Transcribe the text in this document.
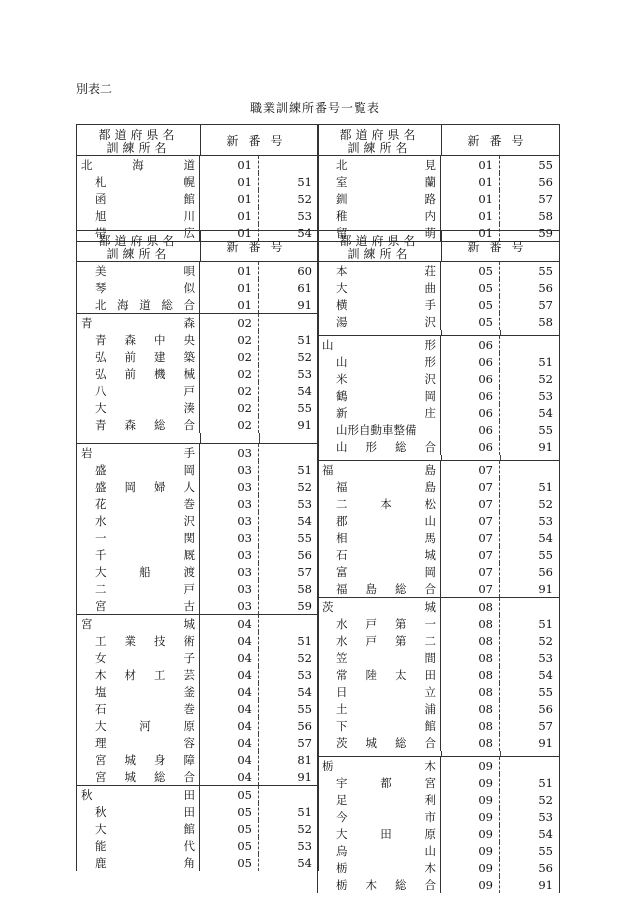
別表二
職業訓練所番号一覧表
都道府県名
訓練所名
新番号
北	海	道	01
札	幌	01	51
函	館	01	52
旭	川	01	53
帯	広	01	54
都道府県名
訓練所名
新番号
北	見	01	55
室	蘭	01	56
釧	路	01	57
稚	内	01	58
留	萌	01	59
都道府県名
訓練所名
新番号
美	唄	01	60
琴	似	01	61
北 海 道 総 合	01	91
青	森	02
青 森 中 央	02	51
弘 前 建 築	02	52
弘 前 機 械	02	53
八	戸	02	54
大	湊	02	55
青 森 総 合	02	91
岩	手	03
盛	岡	03	51
盛 岡 婦 人	03	52
花	巻	03	53
水	沢	03	54
一	関	03	55
千	厩	03	56
大	船	渡	03	57
二	戸	03	58
宮	古	03	59
宮	城	04
工 業 技 術	04	51
女	子	04	52
木 材 工 芸	04	53
塩	釜	04	54
石	巻	04	55
大	河	原	04	56
理	容	04	57
宮 城 身 障	04	81
宮 城 総 合	04	91
秋	田	05
秋	田	05	51
大	館	05	52
能	代	05	53
鹿	角	05	54
都道府県名
訓練所名
新番号
本	荘	05	55
大	曲	05	56
横	手	05	57
湯	沢	05	58
山	形	06
山	形	06	51
米	沢	06	52
鶴	岡	06	53
新	庄	06	54
山形自動車整備	06	55
山 形 総 合	06	91
福	島	07
福	島	07	51
二	本	松	07	52
郡	山	07	53
相	馬	07	54
石	城	07	55
富	岡	07	56
福 島 総 合	07	91
茨	城	08
水 戸 第 一	08	51
水 戸 第 二	08	52
笠	間	08	53
常 陸 太 田	08	54
日	立	08	55
土	浦	08	56
下	館	08	57
茨 城 総 合	08	91
栃	木	09
宇	都	宮	09	51
足	利	09	52
今	市	09	53
大	田	原	09	54
烏	山	09	55
栃	木	09	56
栃 木 総 合	09	91
